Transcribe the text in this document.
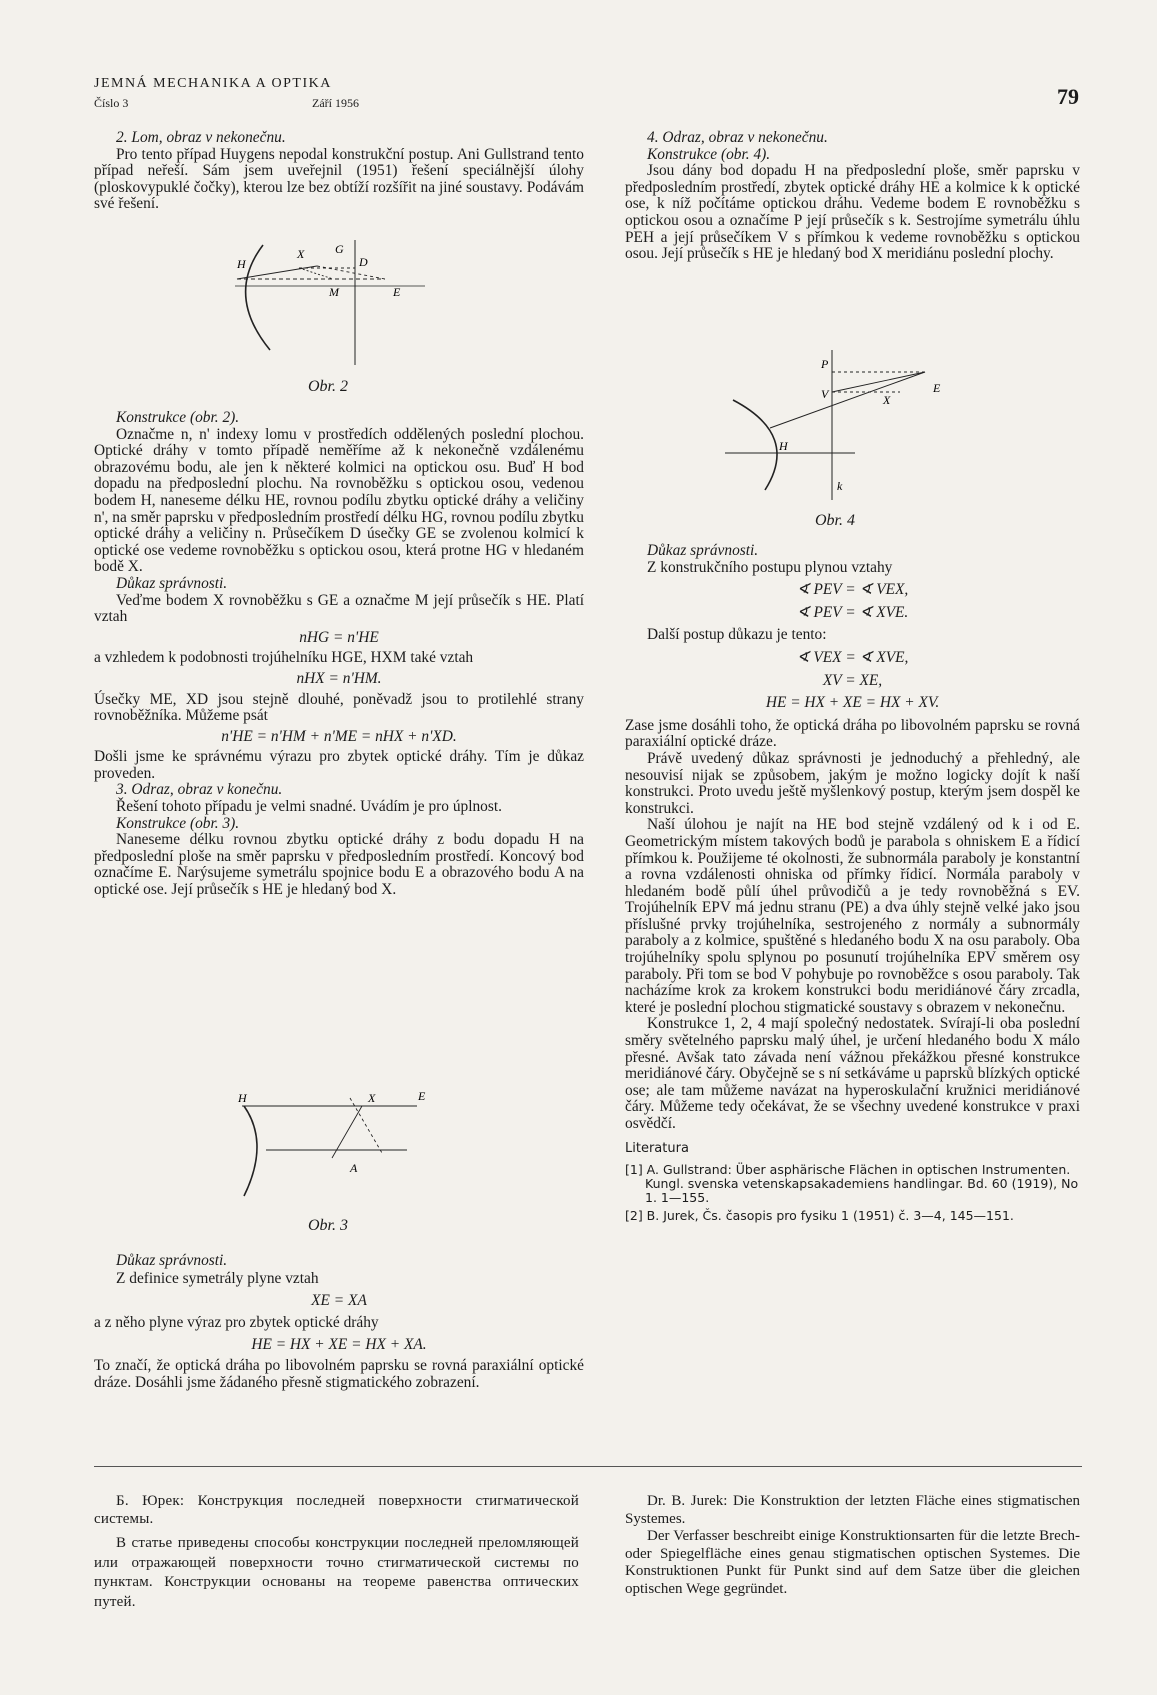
JEMNÁ MECHANIKA A OPTIKA
Číslo 3	Září 1956	79

2. Lom, obraz v nekonečnu.

Pro tento případ Huygens nepodal konstrukční postup. Ani Gullstrand tento případ neřeší. Sám jsem uveřejnil (1951) řešení speciálnější úlohy (ploskovypuklé čočky), kterou lze bez obtíží rozšířit na jiné soustavy. Podávám své řešení.

H
X	G
D
M	E
Obr. 2

Konstrukce (obr. 2).

Označme n, n' indexy lomu v prostředích oddělených poslední plochou. Optické dráhy v tomto případě neměříme až k nekonečně vzdálenému obrazovému bodu, ale jen k některé kolmici na optickou osu. Buď H bod dopadu na předposlední plochu. Na rovnoběžku s optickou osou, vedenou bodem H, naneseme délku HE, rovnou podílu zbytku optické dráhy a veličiny n', na směr paprsku v předposledním prostředí délku HG, rovnou podílu zbytku optické dráhy a veličiny n. Průsečíkem D úsečky GE se zvolenou kolmicí k optické ose vedeme rovnoběžku s optickou osou, která protne HG v hledaném bodě X.

Důkaz správnosti.

Veďme bodem X rovnoběžku s GE a označme M její průsečík s HE. Platí vztah

nHG = n'HE

a vzhledem k podobnosti trojúhelníku HGE, HXM také vztah

nHX = n'HM.

Úsečky ME, XD jsou stejně dlouhé, poněvadž jsou to protilehlé strany rovnoběžníka. Můžeme psát

n'HE = n'HM + n'ME = nHX + n'XD.

Došli jsme ke správnému výrazu pro zbytek optické dráhy. Tím je důkaz proveden.

3. Odraz, obraz v konečnu.

Řešení tohoto případu je velmi snadné. Uvádím je pro úplnost.

Konstrukce (obr. 3).

Naneseme délku rovnou zbytku optické dráhy z bodu dopadu H na předposlední ploše na směr paprsku v předposledním prostředí. Koncový bod označíme E. Narýsujeme symetrálu spojnice bodu E a obrazového bodu A na optické ose. Její průsečík s HE je hledaný bod X.

H	X	E
A
Obr. 3

Důkaz správnosti.

Z definice symetrály plyne vztah

XE = XA

a z něho plyne výraz pro zbytek optické dráhy

HE = HX + XE = HX + XA.

To značí, že optická dráha po libovolném paprsku se rovná paraxiální optické dráze. Dosáhli jsme žádaného přesně stigmatického zobrazení.

4. Odraz, obraz v nekonečnu.

Konstrukce (obr. 4).

Jsou dány bod dopadu H na předposlední ploše, směr paprsku v předposledním prostředí, zbytek optické dráhy HE a kolmice k k optické ose, k níž počítáme optickou dráhu. Vedeme bodem E rovnoběžku s optickou osou a označíme P její průsečík s k. Sestrojíme symetrálu úhlu PEH a její průsečíkem V s přímkou k vedeme rovnoběžku s optickou osou. Její průsečík s HE je hledaný bod X meridiánu poslední plochy.

P
V	X
E
H
k
Obr. 4

Důkaz správnosti.

Z konstrukčního postupu plynou vztahy

∢ PEV = ∢ VEX,

∢ PEV = ∢ XVE.

Další postup důkazu je tento:

∢ VEX = ∢ XVE,

XV = XE,

HE = HX + XE = HX + XV.

Zase jsme dosáhli toho, že optická dráha po libovolném paprsku se rovná paraxiální optické dráze.

Právě uvedený důkaz správnosti je jednoduchý a přehledný, ale nesouvisí nijak se způsobem, jakým je možno logicky dojít k naší konstrukci. Proto uvedu ještě myšlenkový postup, kterým jsem dospěl ke konstrukci.

Naší úlohou je najít na HE bod stejně vzdálený od k i od E. Geometrickým místem takových bodů je parabola s ohniskem E a řídicí přímkou k. Použijeme té okolnosti, že subnormála paraboly je konstantní a rovna vzdálenosti ohniska od přímky řídicí. Normála paraboly v hledaném bodě půlí úhel průvodičů a je tedy rovnoběžná s EV. Trojúhelník EPV má jednu stranu (PE) a dva úhly stejně velké jako jsou příslušné prvky trojúhelníka, sestrojeného z normály a subnormály paraboly a z kolmice, spuštěné s hledaného bodu X na osu paraboly. Oba trojúhelníky spolu splynou po posunutí trojúhelníka EPV směrem osy paraboly. Při tom se bod V pohybuje po rovnoběžce s osou paraboly. Tak nacházíme krok za krokem konstrukci bodu meridiánové čáry zrcadla, které je poslední plochou stigmatické soustavy s obrazem v nekonečnu.

Konstrukce 1, 2, 4 mají společný nedostatek. Svírají-li oba poslední směry světelného paprsku malý úhel, je určení hledaného bodu X málo přesné. Avšak tato závada není vážnou překážkou přesné konstrukce meridiánové čáry. Obyčejně se s ní setkáváme u paprsků blízkých optické ose; ale tam můžeme navázat na hyperoskulační kružnici meridiánové čáry. Můžeme tedy očekávat, že se všechny uvedené konstrukce v praxi osvědčí.

Literatura

[1] A. Gullstrand: Über asphärische Flächen in optischen Instrumenten.

Kungl. svenska vetenskapsakademiens handlingar. Bd. 60 (1919), No 1. 1—155.

[2] B. Jurek, Čs. časopis pro fysiku 1 (1951) č. 3—4, 145—151.

Б. Юрек: Конструкция последней поверхности стигматической системы.

В статье приведены способы конструкции последней преломляющей или отражающей поверхности точно стигматической системы по пунктам. Конструкции основаны на теореме равенства оптических путей.

Dr. B. Jurek: Die Konstruktion der letzten Fläche eines stigmatischen Systemes.

Der Verfasser beschreibt einige Konstruktionsarten für die letzte Brech- oder Spiegelfläche eines genau stigmatischen optischen Systemes. Die Konstruktionen Punkt für Punkt sind auf dem Satze über die gleichen optischen Wege gegründet.
